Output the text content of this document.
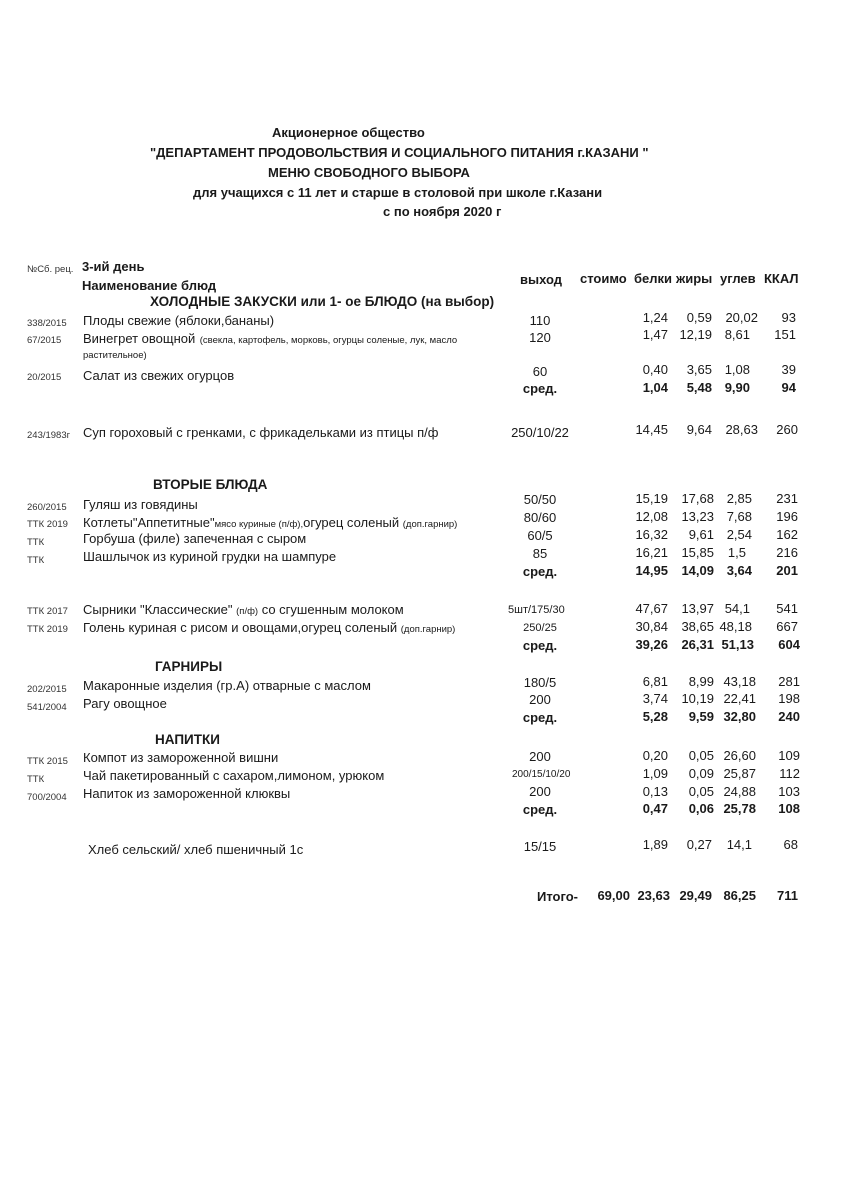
Акционерное общество
"ДЕПАРТАМЕНТ ПРОДОВОЛЬСТВИЯ И СОЦИАЛЬНОГО ПИТАНИЯ г.КАЗАНИ "
МЕНЮ СВОБОДНОГО ВЫБОРА
для учащихся с 11 лет и старше в столовой при школе г.Казани
с по ноября 2020 г
№Сб. рец. 3-ий день
Наименование блюд	выход стоимо белки жиры углев ККАЛ
ХОЛОДНЫЕ ЗАКУСКИ или 1- ое БЛЮДО (на выбор)
338/2015 Плоды свежие (яблоки,бананы)	110	1,24	0,59	20,02	93
67/2015 Винегрет овощной (свекла, картофель, морковь, огурцы соленые, лук, масло
растительное)
120	1,47 12,19 8,61	151
20/2015 Салат из свежих огурцов	60	0,40	3,65 1,08	39
сред.	1,04	5,48 9,90	94
243/1983г Суп гороховый с гренками, с фрикадельками из птицы п/ф	250/10/22	14,45	9,64	28,63	260
ВТОРЫЕ БЛЮДА
260/2015 Гуляш из говядины	50/50	15,19	17,68 2,85	231
ТТК 2019 Котлеты"Аппетитные"мясо куриные (п/ф),огурец соленый (доп.гарнир)	80/60	12,08	13,23 7,68	196
ТТК	Горбуша (филе) запеченная с сыром	60/5	16,32	9,61 2,54	162
ТТК	Шашлычок из куриной грудки на шампуре	85	16,21	15,85	1,5	216
сред.	14,95	14,09 3,64	201
ТТК 2017 Сырники "Классические" (п/ф) со сгушенным молоком	5шт/175/30	47,67	13,97 54,1	541
ТТК 2019 Голень куриная с рисом и овощами,огурец соленый (доп.гарнир)	250/25	30,84	38,65 48,18	667
сред.	39,26	26,31 51,13	604
ГАРНИРЫ
202/2015 Макаронные изделия (гр.А) отварные с маслом	180/5	6,81	8,99 43,18	281
541/2004 Рагу овощное	200	3,74	10,19 22,41	198
сред.	5,28	9,59 32,80	240
НАПИТКИ
ТТК 2015 Компот из замороженной вишни	200	0,20	0,05 26,60	109
ТТК	Чай пакетированный с сахаром,лимоном, урюком	200/15/10/20	1,09	0,09 25,87	112
700/2004 Напиток из замороженной клюквы	200	0,13	0,05 24,88	103
сред.	0,47	0,06 25,78	108
Хлеб сельский/ хлеб пшеничный 1с	15/15	1,89	0,27	14,1	68
Итого-	69,00 23,63 29,49 86,25	711
